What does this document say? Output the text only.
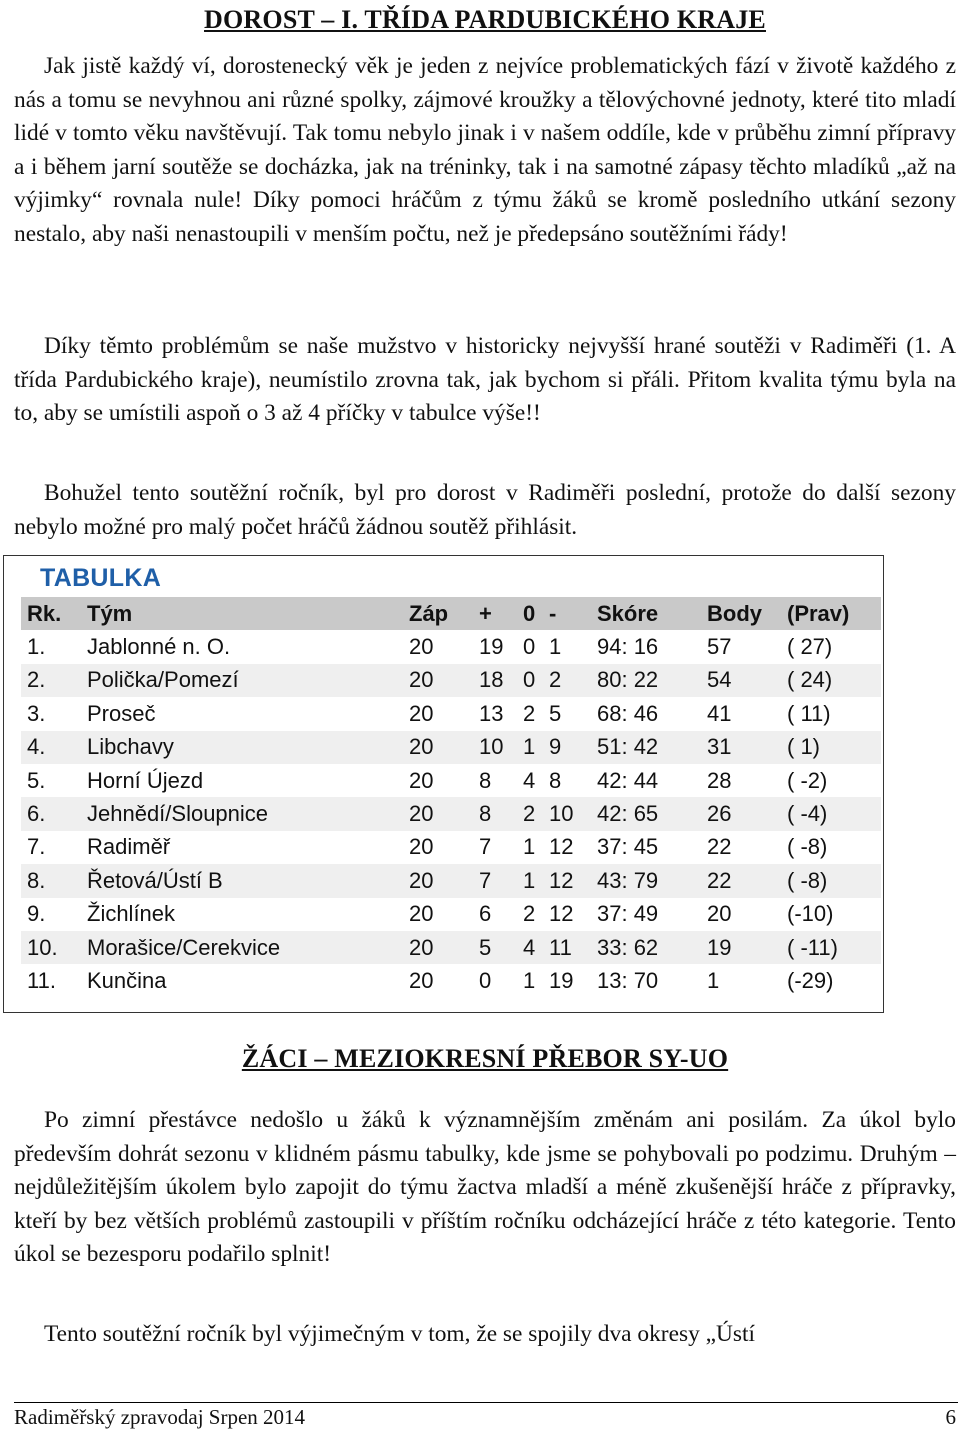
DOROST – I. TŘÍDA PARDUBICKÉHO KRAJE

Jak jistě každý ví, dorostenecký věk je jeden z nejvíce problematických fází v životě každého z nás a tomu se nevyhnou ani různé spolky, zájmové kroužky a tělovýchovné jednoty, které tito mladí lidé v tomto věku navštěvují. Tak tomu nebylo jinak i v našem oddíle, kde v průběhu zimní přípravy a i během jarní soutěže se docházka, jak na tréninky, tak i na samotné zápasy těchto mladíků „až na výjimky“ rovnala nule! Díky pomoci hráčům z týmu žáků se kromě posledního utkání sezony nestalo, aby naši nenastoupili v menším počtu, než je předepsáno soutěžními řády!

Díky těmto problémům se naše mužstvo v historicky nejvyšší hrané soutěži v Radiměři (1. A třída Pardubického kraje), neumístilo zrovna tak, jak bychom si přáli. Přitom kvalita týmu byla na to, aby se umístili aspoň o 3 až 4 příčky v tabulce výše!!

Bohužel tento soutěžní ročník, byl pro dorost v Radiměři poslední, protože do další sezony nebylo možné pro malý počet hráčů žádnou soutěž přihlásit.

ŽÁCI – MEZIOKRESNÍ PŘEBOR SY-UO

Po zimní přestávce nedošlo u žáků k významnějším změnám ani posilám. Za úkol bylo především dohrát sezonu v klidném pásmu tabulky, kde jsme se pohybovali po podzimu. Druhým – nejdůležitějším úkolem bylo zapojit do týmu žactva mladší a méně zkušenější hráče z přípravky, kteří by bez větších problémů zastoupili v příštím ročníku odcházející hráče z této kategorie. Tento úkol se bezesporu podařilo splnit!

Tento soutěžní ročník byl výjimečným v tom, že se spojily dva okresy „Ústí

TABULKA
Rk.	Tým	Záp	+	0	-	Skóre	Body	(Prav)
1.	Jablonné n. O.	20	19	0	1	94: 16	57	( 27)
2.	Polička/Pomezí	20	18	0	2	80: 22	54	( 24)
3.	Proseč	20	13	2	5	68: 46	41	( 11)
4.	Libchavy	20	10	1	9	51: 42	31	( 1)
5.	Horní Újezd	20	8	4	8	42: 44	28	( -2)
6.	Jehnědí/Sloupnice	20	8	2	10	42: 65	26	( -4)
7.	Radiměř	20	7	1	12	37: 45	22	( -8)
8.	Řetová/Ústí B	20	7	1	12	43: 79	22	( -8)
9.	Žichlínek	20	6	2	12	37: 49	20	(-10)
10.	Morašice/Cerekvice	20	5	4	11	33: 62	19	( -11)
11.	Kunčina	20	0	1	19	13: 70	1	(-29)
Radiměřský zpravodaj Srpen 2014	6
